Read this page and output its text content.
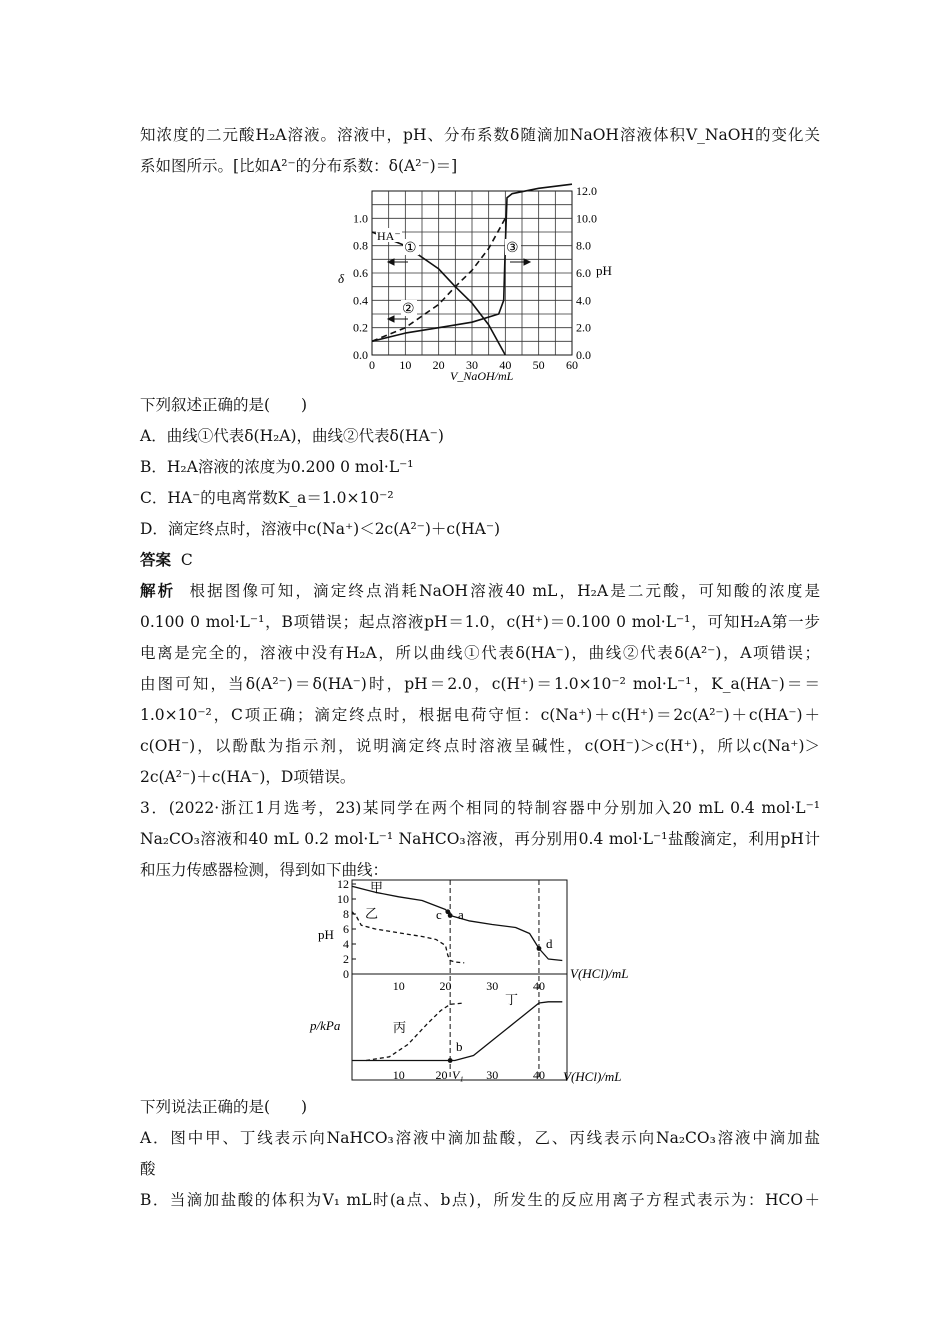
知浓度的二元酸H₂A溶液。溶液中，pH、分布系数δ随滴加NaOH溶液体积V_NaOH的变化关
系如图所示。[比如A²⁻的分布系数：δ(A²⁻)＝]
0 10 20 30 40 50 60
0.0
0.2
0.4
0.6
0.8
1.0
0.0
2.0
4.0
6.0
8.0
10.0
12.0
δ
pH
V_NaOH/mL
HA⁻
①
②
③
下列叙述正确的是(　　)
A．曲线①代表δ(H₂A)，曲线②代表δ(HA⁻)
B．H₂A溶液的浓度为0.200 0 mol·L⁻¹
C．HA⁻的电离常数K_a＝1.0×10⁻²
D．滴定终点时，溶液中c(Na⁺)＜2c(A²⁻)＋c(HA⁻)
答案 C
解析 根据图像可知，滴定终点消耗NaOH溶液40 mL，H₂A是二元酸，可知酸的浓度是
0.100 0 mol·L⁻¹，B项错误；起点溶液pH＝1.0，c(H⁺)＝0.100 0 mol·L⁻¹，可知H₂A第一步
电离是完全的，溶液中没有H₂A，所以曲线①代表δ(HA⁻)，曲线②代表δ(A²⁻)，A项错误；
由图可知，当δ(A²⁻)＝δ(HA⁻)时，pH＝2.0，c(H⁺)＝1.0×10⁻² mol·L⁻¹，K_a(HA⁻)＝＝
1.0×10⁻²，C项正确；滴定终点时，根据电荷守恒：c(Na⁺)＋c(H⁺)＝2c(A²⁻)＋c(HA⁻)＋
c(OH⁻)，以酚酞为指示剂，说明滴定终点时溶液呈碱性，c(OH⁻)＞c(H⁺)，所以c(Na⁺)＞
2c(A²⁻)＋c(HA⁻)，D项错误。
3．(2022·浙江1月选考，23)某同学在两个相同的特制容器中分别加入20 mL 0.4 mol·L⁻¹
Na₂CO₃溶液和40 mL 0.2 mol·L⁻¹ NaHCO₃溶液，再分别用0.4 mol·L⁻¹盐酸滴定，利用pH计
和压力传感器检测，得到如下曲线：
0
2
4
6
8
10
12
10	20	30	40
10	20	30	40
pH
p/kPa
V(HCl)/mL
V(HCl)/mL
甲
乙
丙
丁
c a
d
b
V₁
下列说法正确的是(　　)
A．图中甲、丁线表示向NaHCO₃溶液中滴加盐酸，乙、丙线表示向Na₂CO₃溶液中滴加盐
酸
B．当滴加盐酸的体积为V₁ mL时(a点、b点)，所发生的反应用离子方程式表示为：HCO＋
